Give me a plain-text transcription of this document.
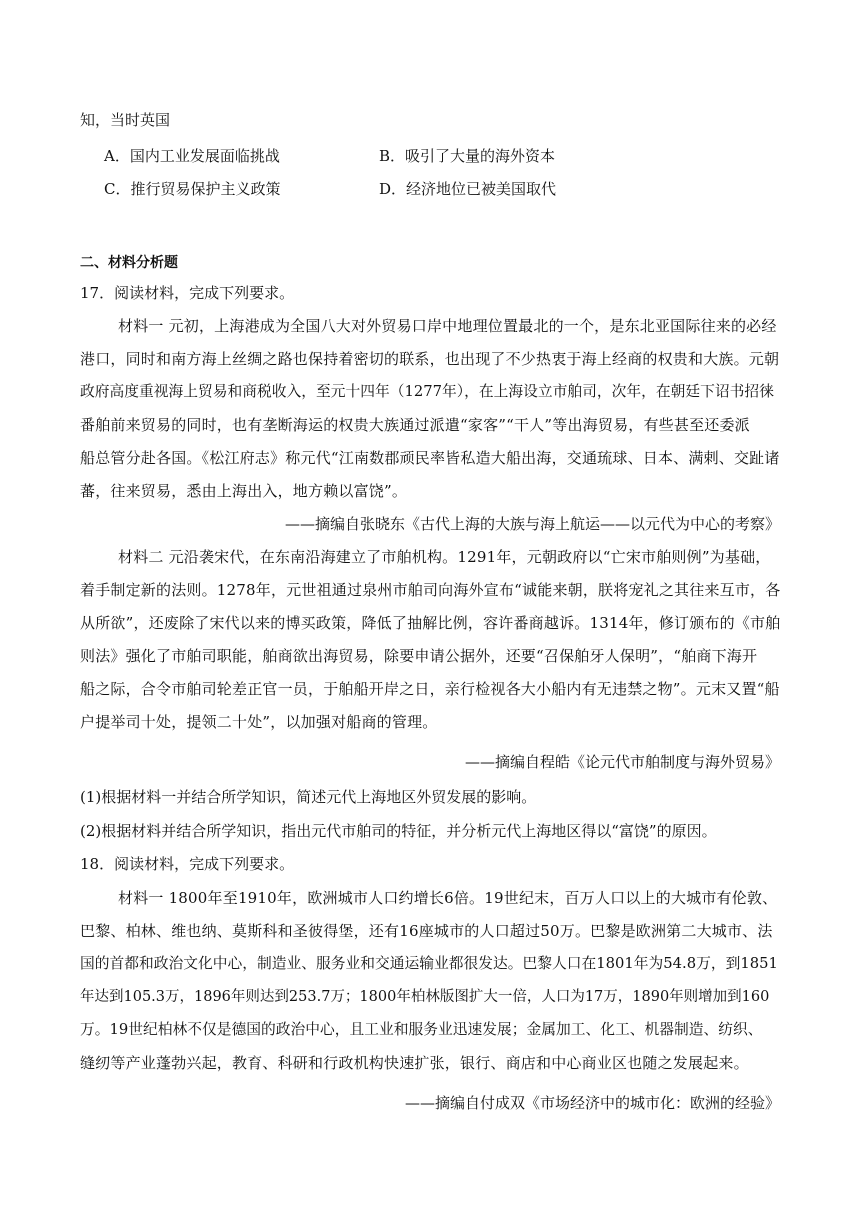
知，当时英国
A．国内工业发展面临挑战	B．吸引了大量的海外资本
C．推行贸易保护主义政策	D．经济地位已被美国取代
二、材料分析题
17．阅读材料，完成下列要求。
材料一 元初，上海港成为全国八大对外贸易口岸中地理位置最北的一个，是东北亚国际往来的必经
港口，同时和南方海上丝绸之路也保持着密切的联系，也出现了不少热衷于海上经商的权贵和大族。元朝
政府高度重视海上贸易和商税收入，至元十四年（1277年），在上海设立市舶司，次年，在朝廷下诏书招徕
番舶前来贸易的同时，也有垄断海运的权贵大族通过派遣“家客”“干人”等出海贸易，有些甚至还委派
船总管分赴各国。《松江府志》称元代“江南数郡顽民率皆私造大船出海，交通琉球、日本、满剌、交趾诸
蕃，往来贸易，悉由上海出入，地方赖以富饶”。
——摘编自张晓东《古代上海的大族与海上航运——以元代为中心的考察》
材料二 元沿袭宋代，在东南沿海建立了市舶机构。1291年，元朝政府以“亡宋市舶则例”为基础，
着手制定新的法则。1278年，元世祖通过泉州市舶司向海外宣布“诚能来朝，朕将宠礼之其往来互市，各
从所欲”，还废除了宋代以来的博买政策，降低了抽解比例，容许番商越诉。1314年，修订颁布的《市舶
则法》强化了市舶司职能，舶商欲出海贸易，除要申请公据外，还要“召保舶牙人保明”，“舶商下海开
船之际，合令市舶司轮差正官一员，于舶船开岸之日，亲行检视各大小船内有无违禁之物”。元末又置“船
户提举司十处，提领二十处”，以加强对船商的管理。
——摘编自程皓《论元代市舶制度与海外贸易》
(1)根据材料一并结合所学知识，简述元代上海地区外贸发展的影响。
(2)根据材料并结合所学知识，指出元代市舶司的特征，并分析元代上海地区得以“富饶”的原因。
18．阅读材料，完成下列要求。
材料一 1800年至1910年，欧洲城市人口约增长6倍。19世纪末，百万人口以上的大城市有伦敦、
巴黎、柏林、维也纳、莫斯科和圣彼得堡，还有16座城市的人口超过50万。巴黎是欧洲第二大城市、法
国的首都和政治文化中心，制造业、服务业和交通运输业都很发达。巴黎人口在1801年为54.8万，到1851
年达到105.3万，1896年则达到253.7万；1800年柏林版图扩大一倍，人口为17万，1890年则增加到160
万。19世纪柏林不仅是德国的政治中心，且工业和服务业迅速发展；金属加工、化工、机器制造、纺织、
缝纫等产业蓬勃兴起，教育、科研和行政机构快速扩张，银行、商店和中心商业区也随之发展起来。
——摘编自付成双《市场经济中的城市化：欧洲的经验》
